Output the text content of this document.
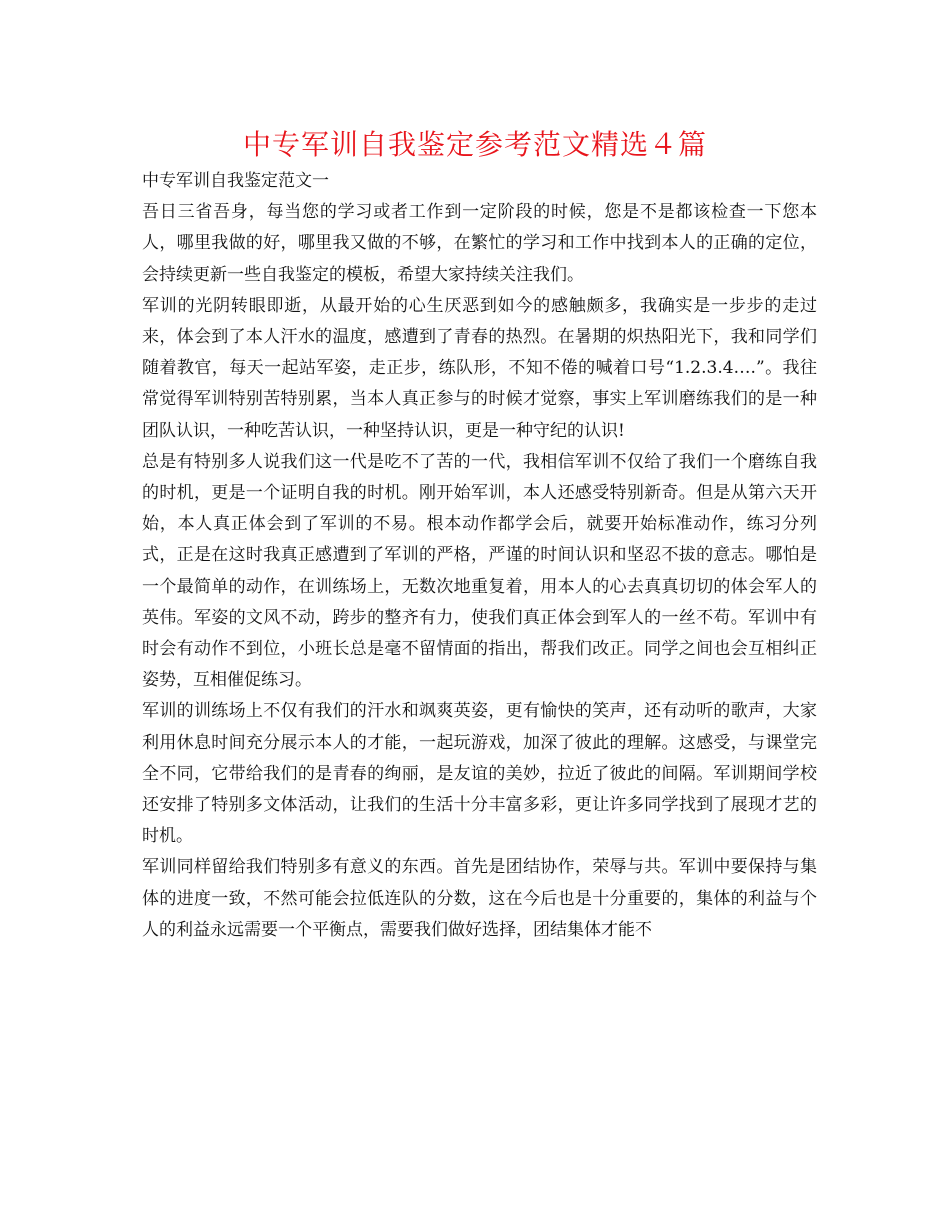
中专军训自我鉴定参考范文精选４篇

中专军训自我鉴定范文一

吾日三省吾身，每当您的学习或者工作到一定阶段的时候，您是不是都该检查一下您本人，哪里我做的好，哪里我又做的不够，在繁忙的学习和工作中找到本人的正确的定位，会持续更新一些自我鉴定的模板，希望大家持续关注我们。

军训的光阴转眼即逝，从最开始的心生厌恶到如今的感触颇多，我确实是一步步的走过来，体会到了本人汗水的温度，感遭到了青春的热烈。在暑期的炽热阳光下，我和同学们随着教官，每天一起站军姿，走正步，练队形，不知不倦的喊着口号“1.2.3.4….”。我往常觉得军训特别苦特别累，当本人真正参与的时候才觉察，事实上军训磨练我们的是一种团队认识，一种吃苦认识，一种坚持认识，更是一种守纪的认识!

总是有特别多人说我们这一代是吃不了苦的一代，我相信军训不仅给了我们一个磨练自我的时机，更是一个证明自我的时机。刚开始军训，本人还感受特别新奇。但是从第六天开始，本人真正体会到了军训的不易。根本动作都学会后，就要开始标准动作，练习分列式，正是在这时我真正感遭到了军训的严格，严谨的时间认识和坚忍不拔的意志。哪怕是一个最简单的动作，在训练场上，无数次地重复着，用本人的心去真真切切的体会军人的英伟。军姿的文风不动，跨步的整齐有力，使我们真正体会到军人的一丝不苟。军训中有时会有动作不到位，小班长总是毫不留情面的指出，帮我们改正。同学之间也会互相纠正姿势，互相催促练习。

军训的训练场上不仅有我们的汗水和飒爽英姿，更有愉快的笑声，还有动听的歌声，大家利用休息时间充分展示本人的才能，一起玩游戏，加深了彼此的理解。这感受，与课堂完全不同，它带给我们的是青春的绚丽，是友谊的美妙，拉近了彼此的间隔。军训期间学校还安排了特别多文体活动，让我们的生活十分丰富多彩，更让许多同学找到了展现才艺的时机。

军训同样留给我们特别多有意义的东西。首先是团结协作，荣辱与共。军训中要保持与集体的进度一致，不然可能会拉低连队的分数，这在今后也是十分重要的，集体的利益与个人的利益永远需要一个平衡点，需要我们做好选择，团结集体才能不
